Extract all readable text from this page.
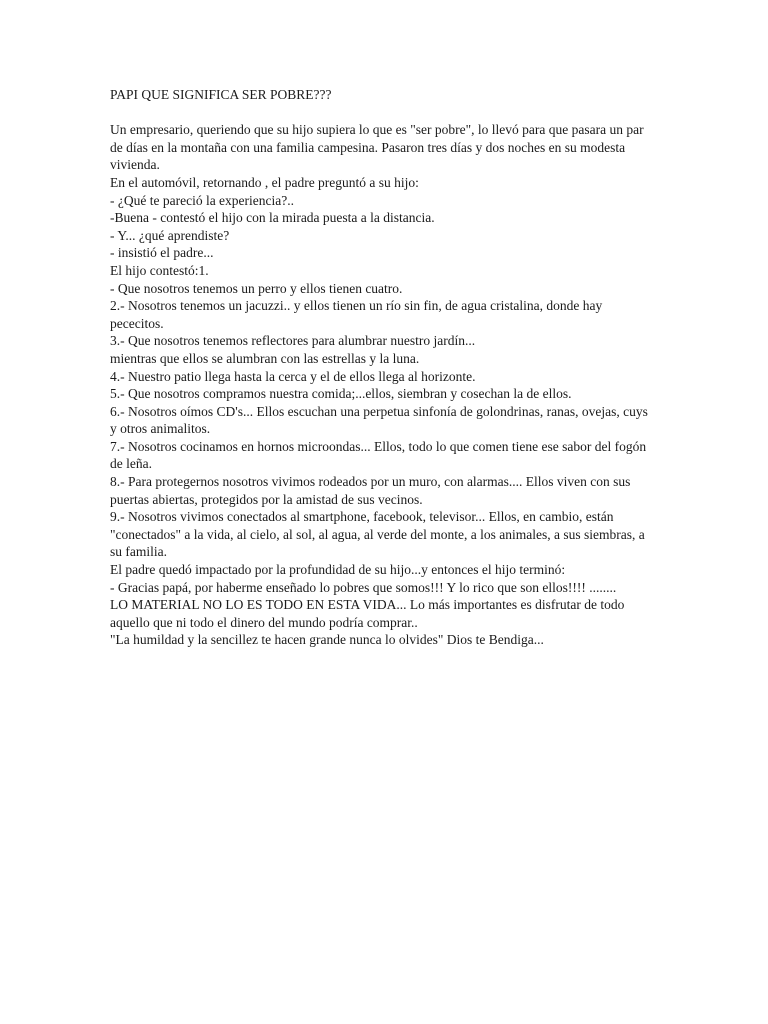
PAPI QUE SIGNIFICA SER POBRE???

Un empresario, queriendo que su hijo supiera lo que es "ser pobre", lo llevó para que pasara un par de días en la montaña con una familia campesina. Pasaron tres días y dos noches en su modesta vivienda.

En el automóvil, retornando , el padre preguntó a su hijo:

- ¿Qué te pareció la experiencia?..

-Buena - contestó el hijo con la mirada puesta a la distancia.

- Y... ¿qué aprendiste?

- insistió el padre...

El hijo contestó:1.

- Que nosotros tenemos un perro y ellos tienen cuatro.

2.- Nosotros tenemos un jacuzzi.. y ellos tienen un río sin fin, de agua cristalina, donde hay pececitos.

3.- Que nosotros tenemos reflectores para alumbrar nuestro jardín...

mientras que ellos se alumbran con las estrellas y la luna.

4.- Nuestro patio llega hasta la cerca y el de ellos llega al horizonte.

5.- Que nosotros compramos nuestra comida;...ellos, siembran y cosechan la de ellos.

6.- Nosotros oímos CD's... Ellos escuchan una perpetua sinfonía de golondrinas, ranas, ovejas, cuys y otros animalitos.

7.- Nosotros cocinamos en hornos microondas... Ellos, todo lo que comen tiene ese sabor del fogón de leña.

8.- Para protegernos nosotros vivimos rodeados por un muro, con alarmas.... Ellos viven con sus puertas abiertas, protegidos por la amistad de sus vecinos.

9.- Nosotros vivimos conectados al smartphone, facebook, televisor... Ellos, en cambio, están "conectados" a la vida, al cielo, al sol, al agua, al verde del monte, a los animales, a sus siembras, a su familia.

El padre quedó impactado por la profundidad de su hijo...y entonces el hijo terminó:

- Gracias papá, por haberme enseñado lo pobres que somos!!! Y lo rico que son ellos!!!! ........

LO MATERIAL NO LO ES TODO EN ESTA VIDA... Lo más importantes es disfrutar de todo aquello que ni todo el dinero del mundo podría comprar..

"La humildad y la sencillez te hacen grande nunca lo olvides" Dios te Bendiga...
